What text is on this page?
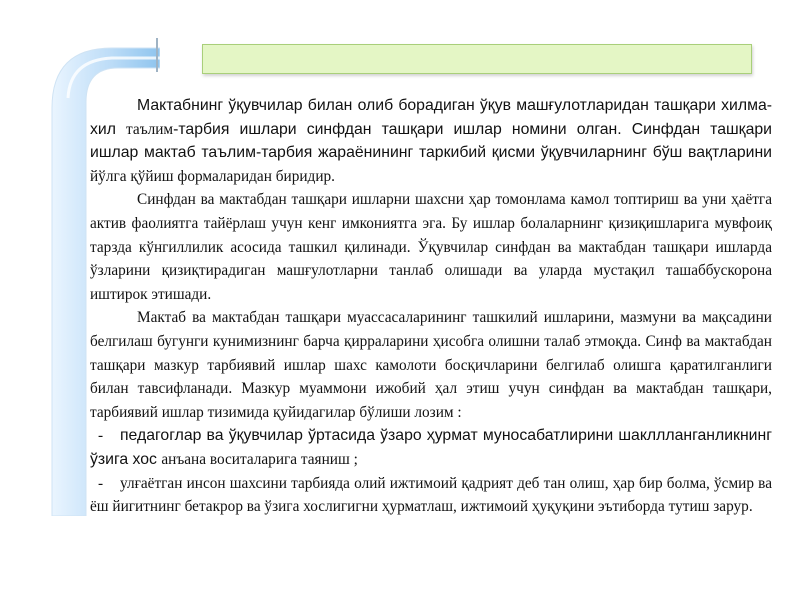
Мактабнинг ўқувчилар билан олиб борадиган ўқув машғулотларидан ташқари хилма-хил таълим-тарбия ишлари синфдан ташқари ишлар номини олган. Синфдан ташқари ишлар мактаб таълим-тарбия жараёнининг таркибий қисми ўқувчиларнинг бўш вақтларини йўлга қўйиш формаларидан биридир.

Синфдан ва мактабдан ташқари ишларни шахсни ҳар томонлама камол топтириш ва уни ҳаётга актив фаолиятга тайёрлаш учун кенг имкониятга эга. Бу ишлар болаларнинг қизиқишларига мувфоиқ тарзда кўнгиллилик асосида ташкил қилинади. Ўқувчилар синфдан ва мактабдан ташқари ишларда ўзларини қизиқтирадиган машғулотларни танлаб олишади ва уларда мустақил ташаббускорона иштирок этишади.

Мактаб ва мактабдан ташқари муассасаларининг ташкилий ишларини, мазмуни ва мақсадини белгилаш бугунги кунимизнинг барча қирраларини ҳисобга олишни талаб этмоқда. Синф ва мактабдан ташқари мазкур тарбиявий ишлар шахс камолоти босқичларини белгилаб олишга қаратилганлиги билан тавсифланади. Мазкур муаммони ижобий ҳал этиш учун синфдан ва мактабдан ташқари, тарбиявий ишлар тизимида қуйидагилар бўлиши лозим :

- педагоглар ва ўқувчилар ўртасида ўзаро ҳурмат муносабатлирини шакллланганликнинг ўзига хос анъана воситаларига таяниш ;

- улғаётган инсон шахсини тарбияда олий ижтимоий қадрият деб тан олиш, ҳар бир болма, ўсмир ва ёш йигитнинг бетакрор ва ўзига хослигигни ҳурматлаш, ижтимоий ҳуқуқини эътиборда тутиш зарур.
